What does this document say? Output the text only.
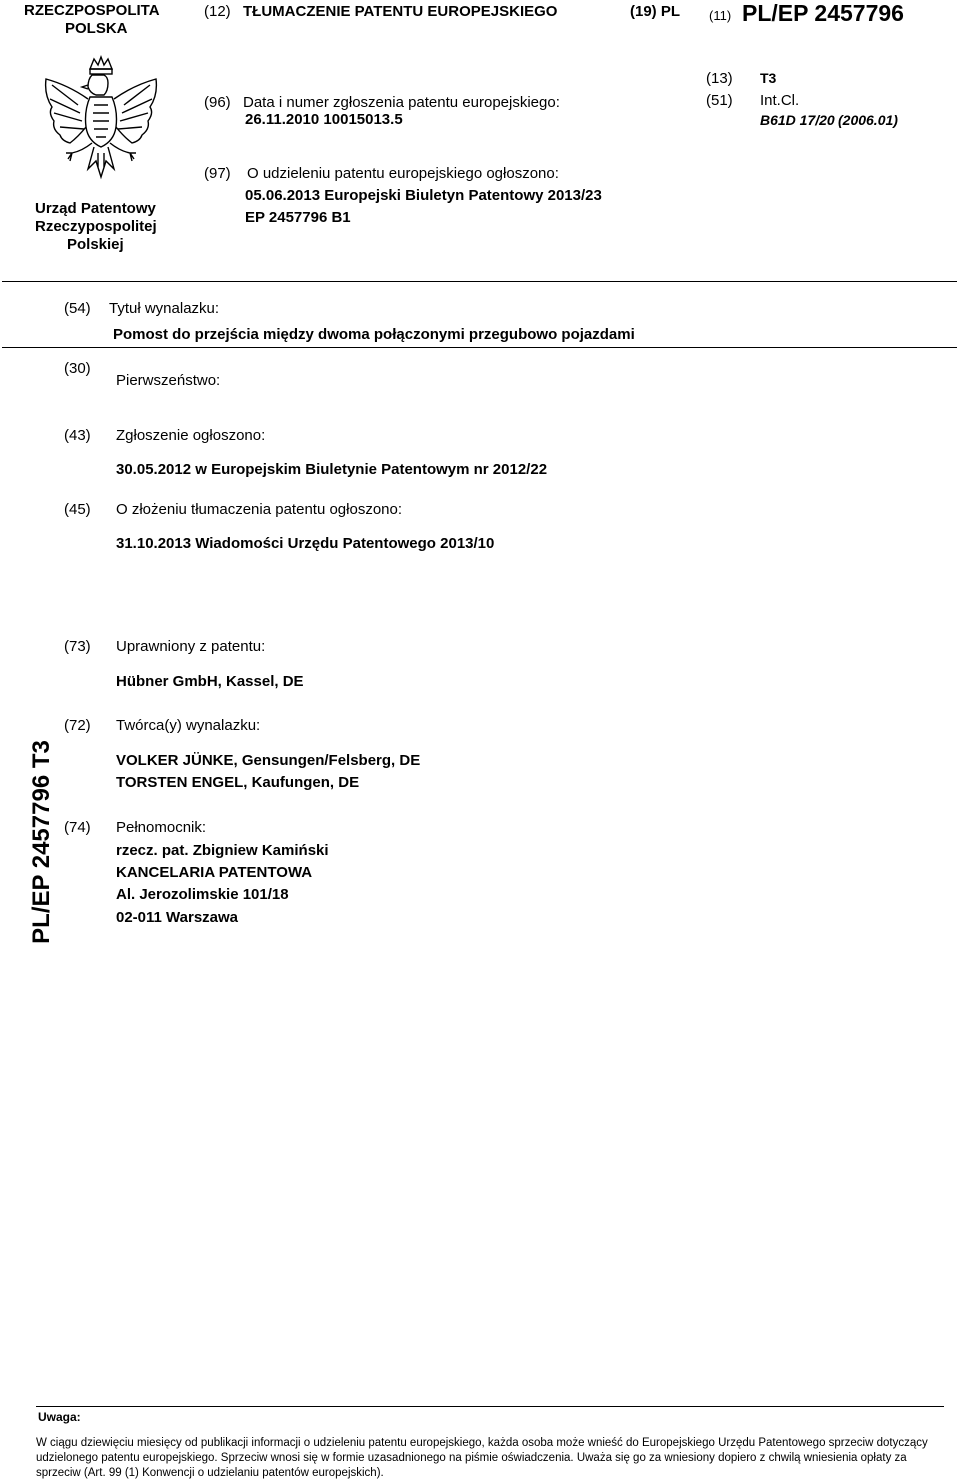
RZECZPOSPOLITA
POLSKA
(12) TŁUMACZENIE PATENTU EUROPEJSKIEGO	(19) PL (11) PL/EP 2457796
Urząd Patentowy
Rzeczypospolitej
Polskiej
(96) Data i numer zgłoszenia patentu europejskiego:
26.11.2010 10015013.5
(13) T3
(51) Int.Cl.
B61D 17/20 (2006.01)
(97) O udzieleniu patentu europejskiego ogłoszono:
05.06.2013 Europejski Biuletyn Patentowy 2013/23
EP 2457796 B1
(54) Tytuł wynalazku:
Pomost do przejścia między dwoma połączonymi przegubowo pojazdami
(30)
Pierwszeństwo:
(43) Zgłoszenie ogłoszono:
30.05.2012 w Europejskim Biuletynie Patentowym nr 2012/22
(45) O złożeniu tłumaczenia patentu ogłoszono:
31.10.2013 Wiadomości Urzędu Patentowego 2013/10
(73) Uprawniony z patentu:
Hübner GmbH, Kassel, DE
(72) Twórca(y) wynalazku:
VOLKER JÜNKE, Gensungen/Felsberg, DE
TORSTEN ENGEL, Kaufungen, DE
(74) Pełnomocnik:
rzecz. pat. Zbigniew Kamiński
KANCELARIA PATENTOWA
Al. Jerozolimskie 101/18
02-011 Warszawa
PL/EP 2457796 T3
Uwaga:
W ciągu dziewięciu miesięcy od publikacji informacji o udzieleniu patentu europejskiego, każda osoba może wnieść do Europejskiego Urzędu Patentowego sprzeciw dotyczący
udzielonego patentu europejskiego. Sprzeciw wnosi się w formie uzasadnionego na piśmie oświadczenia. Uważa się go za wniesiony dopiero z chwilą wniesienia opłaty za
sprzeciw (Art. 99 (1) Konwencji o udzielaniu patentów europejskich).
